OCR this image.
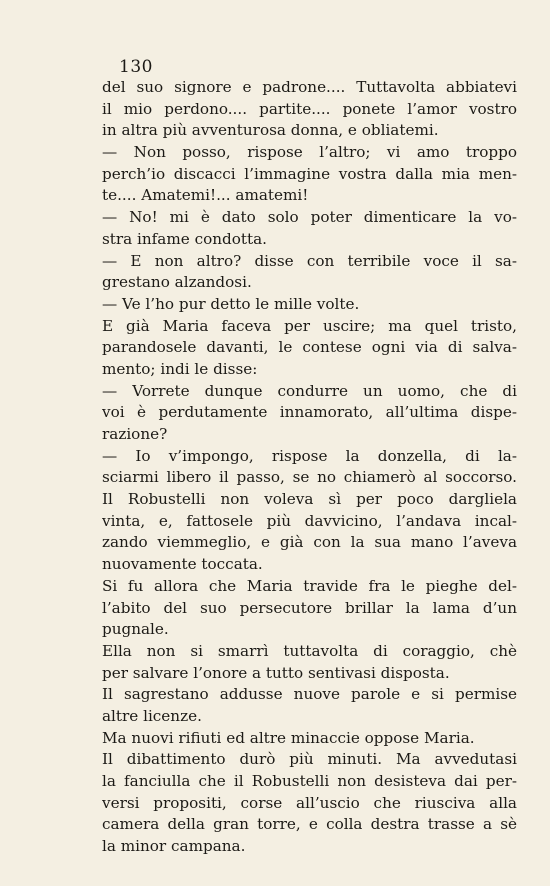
130
del suo signore e padrone.... Tuttavolta abbiatevi
il mio perdono.... partite.... ponete l’amor vostro
in altra più avventurosa donna, e obliatemi.
— Non posso, rispose l’altro; vi amo troppo
perch’io discacci l’immagine vostra dalla mia men-
te.... Amatemi!... amatemi!
— No! mi è dato solo poter dimenticare la vo-
stra infame condotta.
— E non altro? disse con terribile voce il sa-
grestano alzandosi.
— Ve l’ho pur detto le mille volte.
E già Maria faceva per uscire; ma quel tristo,
parandosele davanti, le contese ogni via di salva-
mento; indi le disse:
— Vorrete dunque condurre un uomo, che di
voi è perdutamente innamorato, all’ultima dispe-
razione?
— Io v’impongo, rispose la donzella, di la-
sciarmi libero il passo, se no chiamerò al soccorso.
Il Robustelli non voleva sì per poco dargliela
vinta, e, fattosele più davvicino, l’andava incal-
zando viemmeglio, e già con la sua mano l’aveva
nuovamente toccata.
Si fu allora che Maria travide fra le pieghe del-
l’abito del suo persecutore brillar la lama d’un
pugnale.
Ella non si smarrì tuttavolta di coraggio, chè
per salvare l’onore a tutto sentivasi disposta.
Il sagrestano addusse nuove parole e si permise
altre licenze.
Ma nuovi rifiuti ed altre minaccie oppose Maria.
Il dibattimento durò più minuti. Ma avvedutasi
la fanciulla che il Robustelli non desisteva dai per-
versi propositi, corse all’uscio che riusciva alla
camera della gran torre, e colla destra trasse a sè
la minor campana.
